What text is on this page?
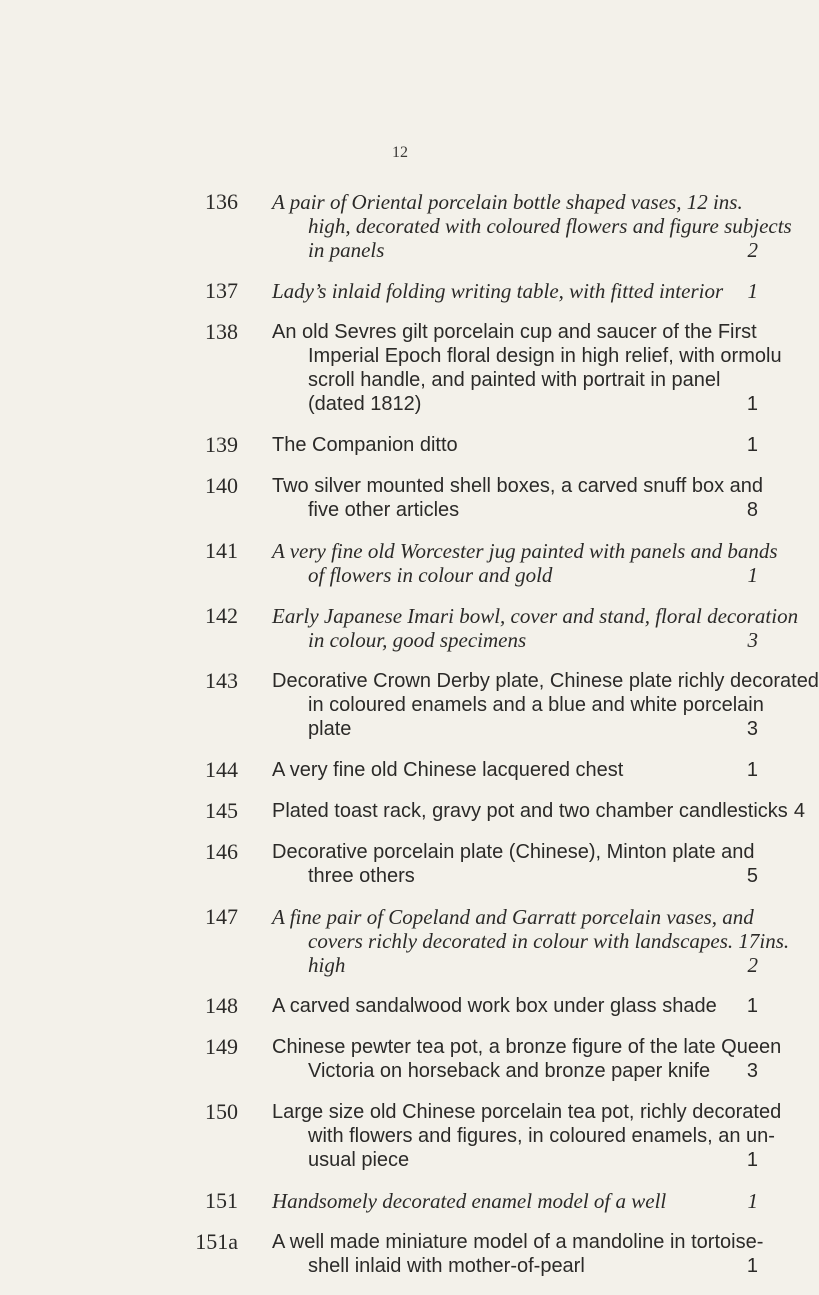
12
136 A pair of Oriental porcelain bottle shaped vases, 12 ins.
high, decorated with coloured flowers and figure subjects
in panels	2
137 Lady’s inlaid folding writing table, with fitted interior	1
138 An old Sevres gilt porcelain cup and saucer of the First
Imperial Epoch floral design in high relief, with ormolu
scroll handle, and painted with portrait in panel
(dated 1812)	1
139 The Companion ditto	1
140 Two silver mounted shell boxes, a carved snuff box and
five other articles	8
141 A very fine old Worcester jug painted with panels and bands
of flowers in colour and gold	1
142 Early Japanese Imari bowl, cover and stand, floral decoration
in colour, good specimens	3
143 Decorative Crown Derby plate, Chinese plate richly decorated
in coloured enamels and a blue and white porcelain
plate	3
144 A very fine old Chinese lacquered chest	1
145 Plated toast rack, gravy pot and two chamber candlesticks 4
146 Decorative porcelain plate (Chinese), Minton plate and
three others	5
147 A fine pair of Copeland and Garratt porcelain vases, and
covers richly decorated in colour with landscapes. 17ins.
high	2
148 A carved sandalwood work box under glass shade	1
149 Chinese pewter tea pot, a bronze figure of the late Queen
Victoria on horseback and bronze paper knife	3
150 Large size old Chinese porcelain tea pot, richly decorated
with flowers and figures, in coloured enamels, an un-
usual piece	1
151 Handsomely decorated enamel model of a well	1
151a A well made miniature model of a mandoline in tortoise-
shell inlaid with mother-of-pearl	1
